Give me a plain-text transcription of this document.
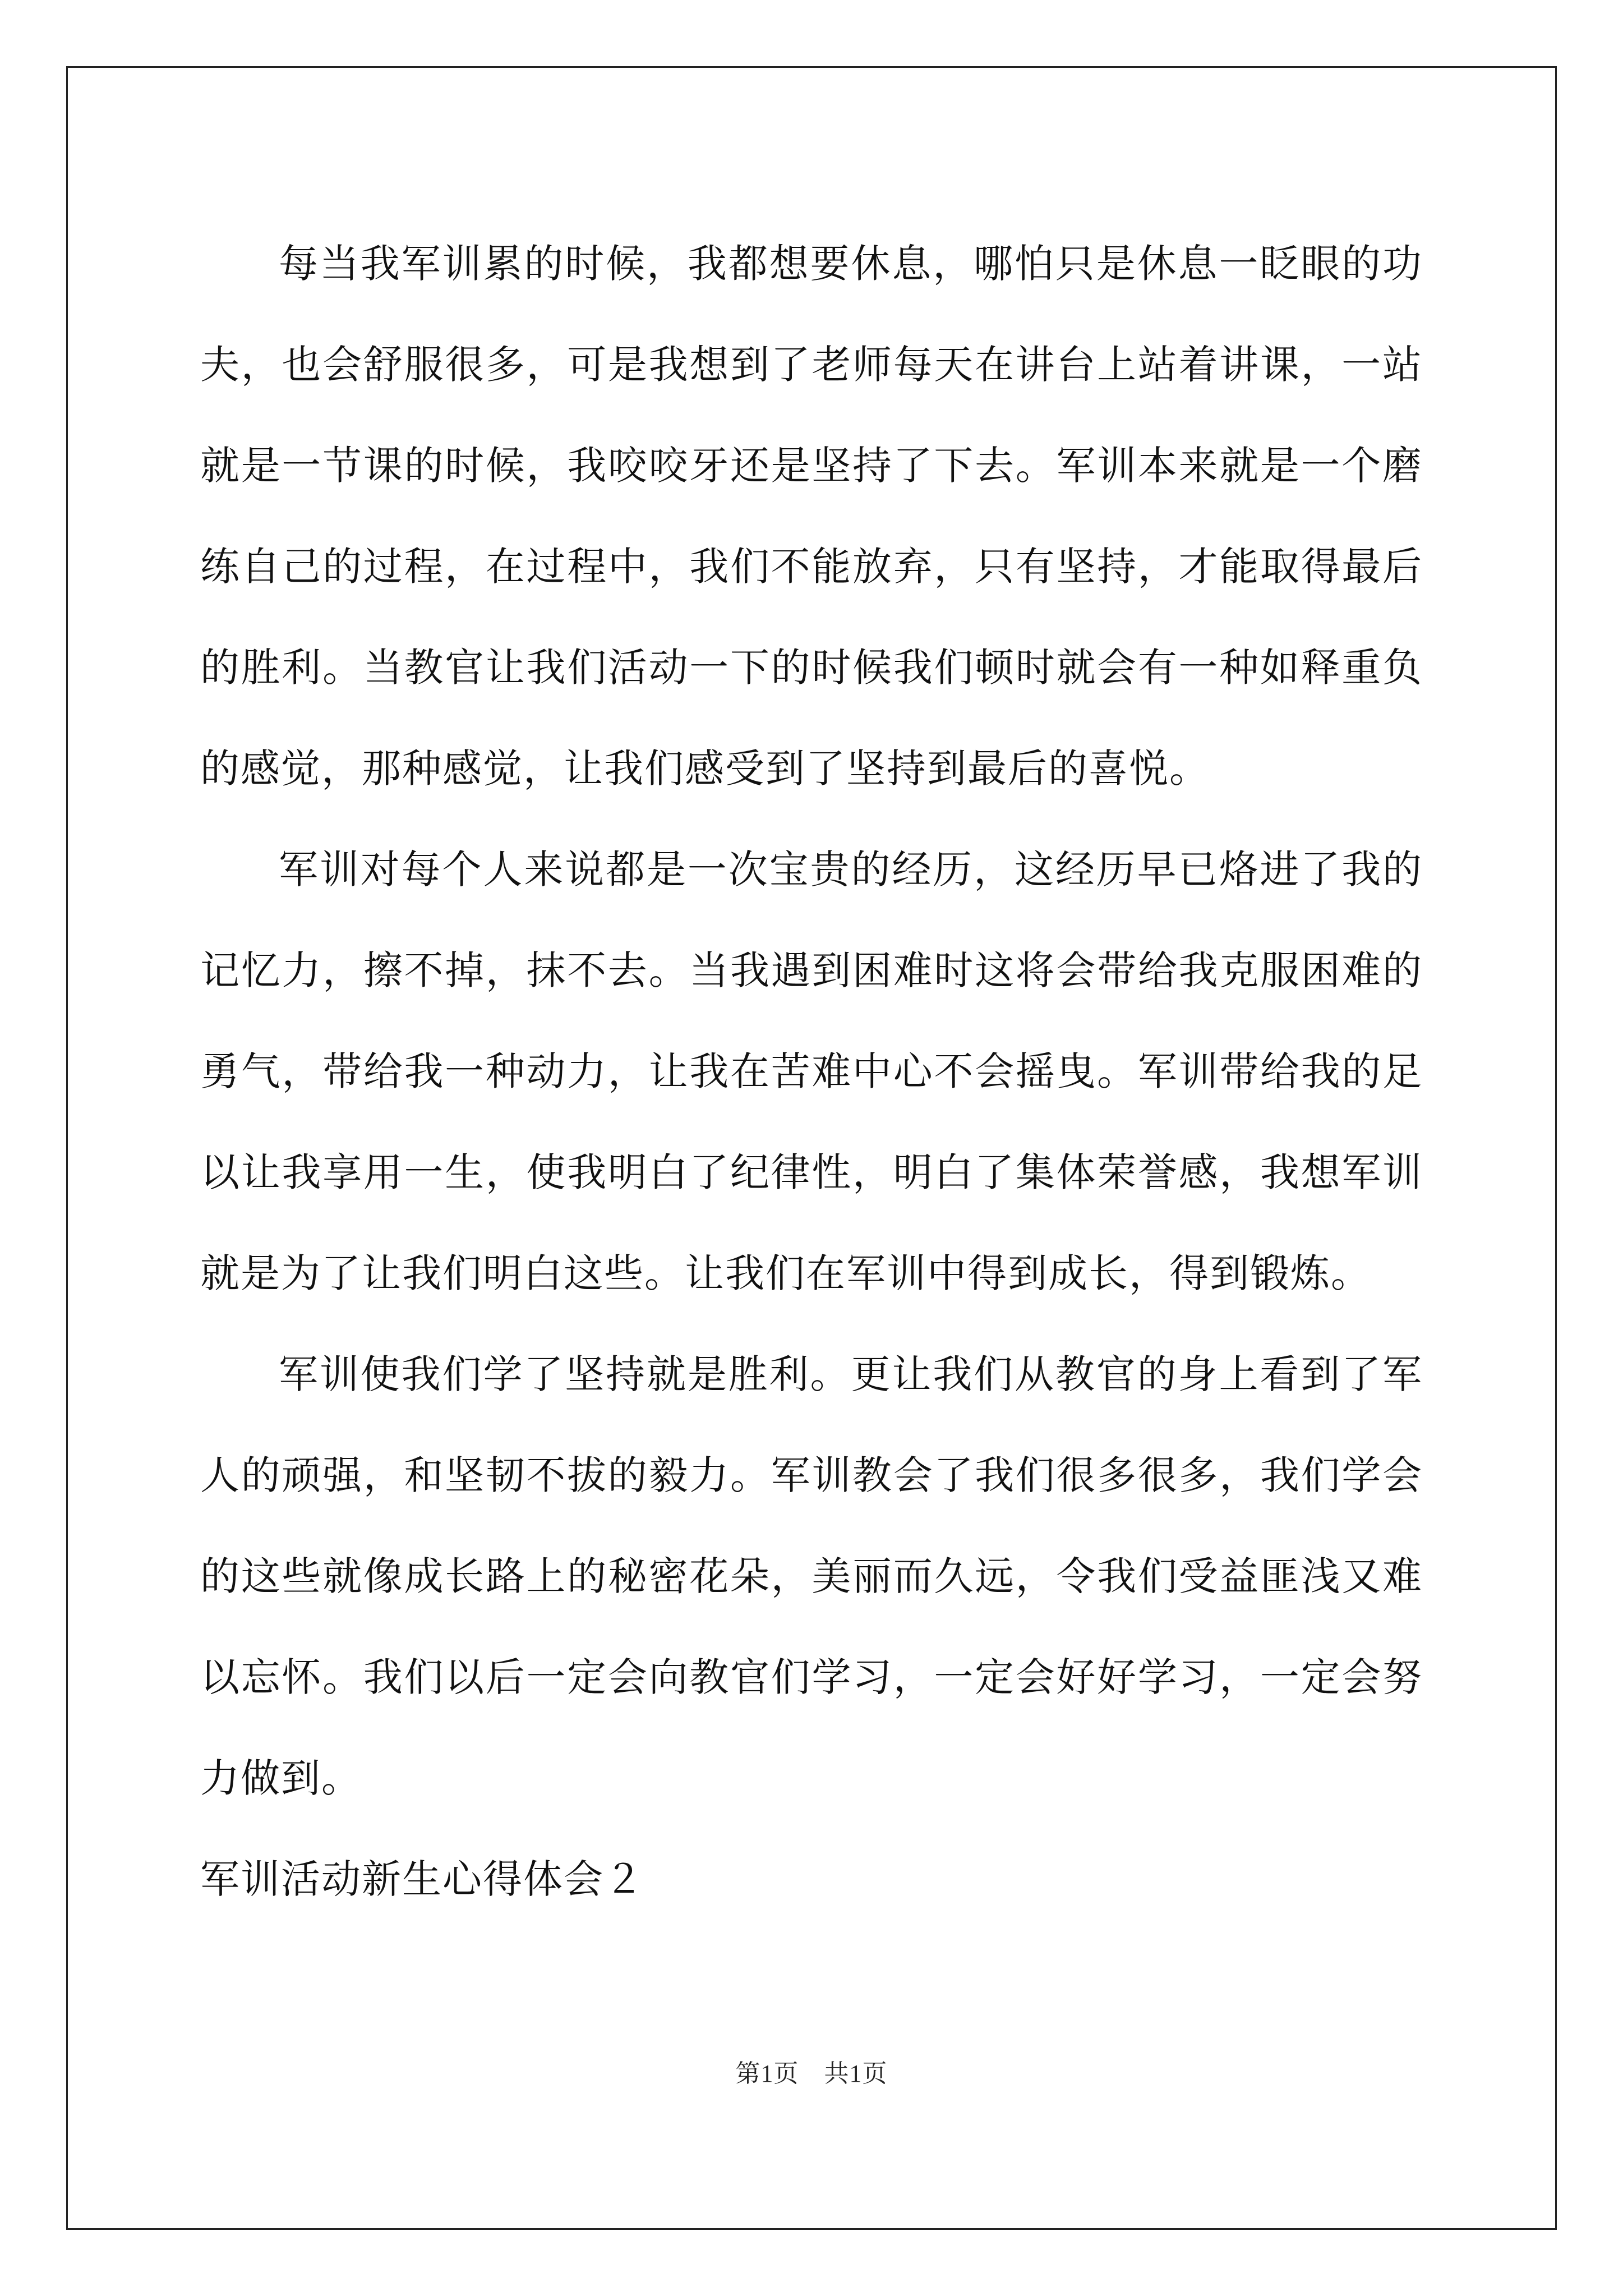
每当我军训累的时候，我都想要休息，哪怕只是休息一眨眼的功夫，也会舒服很多，可是我想到了老师每天在讲台上站着讲课，一站就是一节课的时候，我咬咬牙还是坚持了下去。军训本来就是一个磨练自己的过程，在过程中，我们不能放弃，只有坚持，才能取得最后的胜利。当教官让我们活动一下的时候我们顿时就会有一种如释重负的感觉，那种感觉，让我们感受到了坚持到最后的喜悦。

军训对每个人来说都是一次宝贵的经历，这经历早已烙进了我的记忆力，擦不掉，抹不去。当我遇到困难时这将会带给我克服困难的勇气，带给我一种动力，让我在苦难中心不会摇曳。军训带给我的足以让我享用一生，使我明白了纪律性，明白了集体荣誉感，我想军训就是为了让我们明白这些。让我们在军训中得到成长，得到锻炼。

军训使我们学了坚持就是胜利。更让我们从教官的身上看到了军人的顽强，和坚韧不拔的毅力。军训教会了我们很多很多，我们学会的这些就像成长路上的秘密花朵，美丽而久远，令我们受益匪浅又难以忘怀。我们以后一定会向教官们学习，一定会好好学习，一定会努力做到。

军训活动新生心得体会２

第1页　共1页
